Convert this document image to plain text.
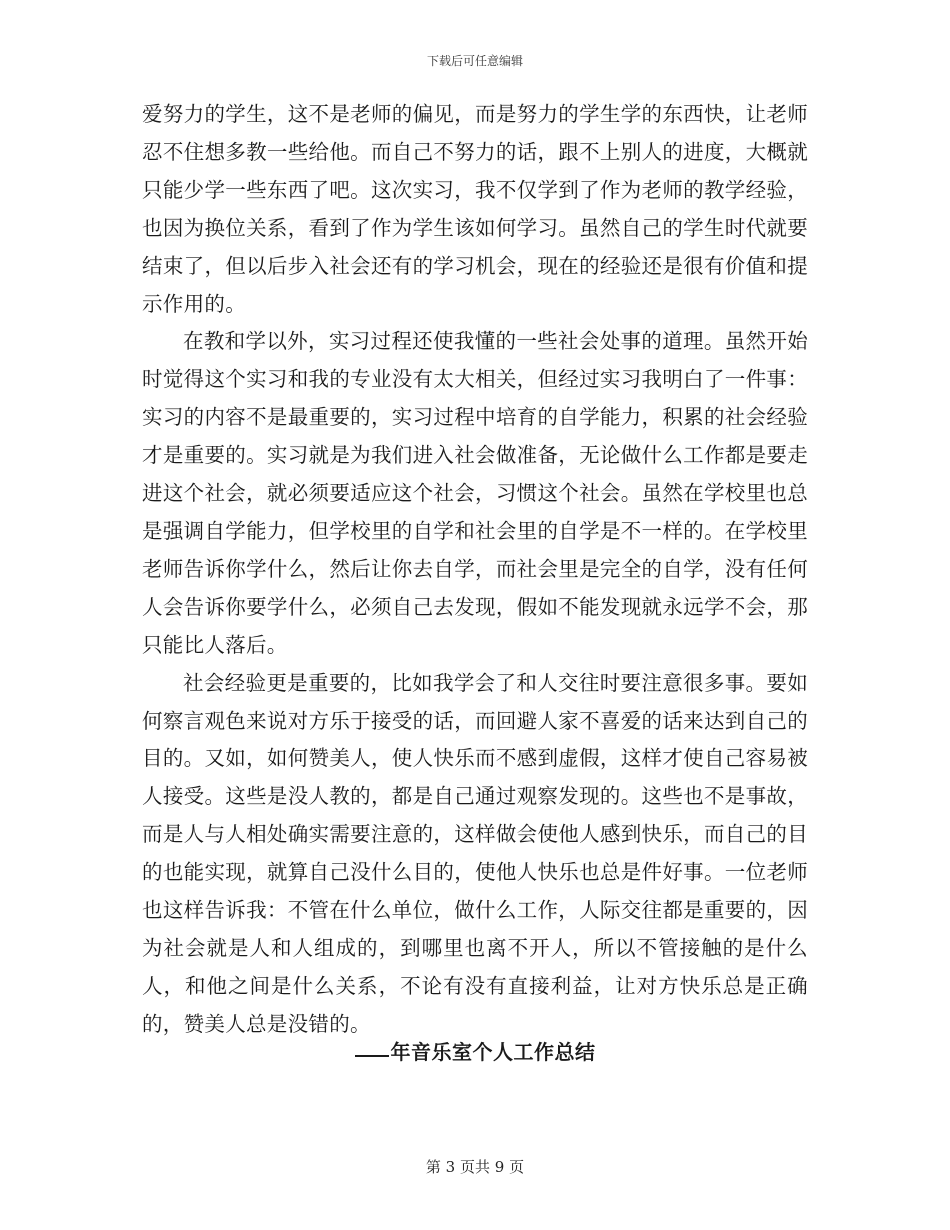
下载后可任意编辑

爱努力的学生，这不是老师的偏见，而是努力的学生学的东西快，让老师忍不住想多教一些给他。而自己不努力的话，跟不上别人的进度，大概就只能少学一些东西了吧。这次实习，我不仅学到了作为老师的教学经验，也因为换位关系，看到了作为学生该如何学习。虽然自己的学生时代就要结束了，但以后步入社会还有的学习机会，现在的经验还是很有价值和提示作用的。

在教和学以外，实习过程还使我懂的一些社会处事的道理。虽然开始时觉得这个实习和我的专业没有太大相关，但经过实习我明白了一件事：实习的内容不是最重要的，实习过程中培育的自学能力，积累的社会经验才是重要的。实习就是为我们进入社会做准备，无论做什么工作都是要走进这个社会，就必须要适应这个社会，习惯这个社会。虽然在学校里也总是强调自学能力，但学校里的自学和社会里的自学是不一样的。在学校里老师告诉你学什么，然后让你去自学，而社会里是完全的自学，没有任何人会告诉你要学什么，必须自己去发现，假如不能发现就永远学不会，那只能比人落后。

社会经验更是重要的，比如我学会了和人交往时要注意很多事。要如何察言观色来说对方乐于接受的话，而回避人家不喜爱的话来达到自己的目的。又如，如何赞美人，使人快乐而不感到虚假，这样才使自己容易被人接受。这些是没人教的，都是自己通过观察发现的。这些也不是事故，而是人与人相处确实需要注意的，这样做会使他人感到快乐，而自己的目的也能实现，就算自己没什么目的，使他人快乐也总是件好事。一位老师也这样告诉我：不管在什么单位，做什么工作，人际交往都是重要的，因为社会就是人和人组成的，到哪里也离不开人，所以不管接触的是什么人，和他之间是什么关系，不论有没有直接利益，让对方快乐总是正确的，赞美人总是没错的。

年音乐室个人工作总结
第 3 页共 9 页
